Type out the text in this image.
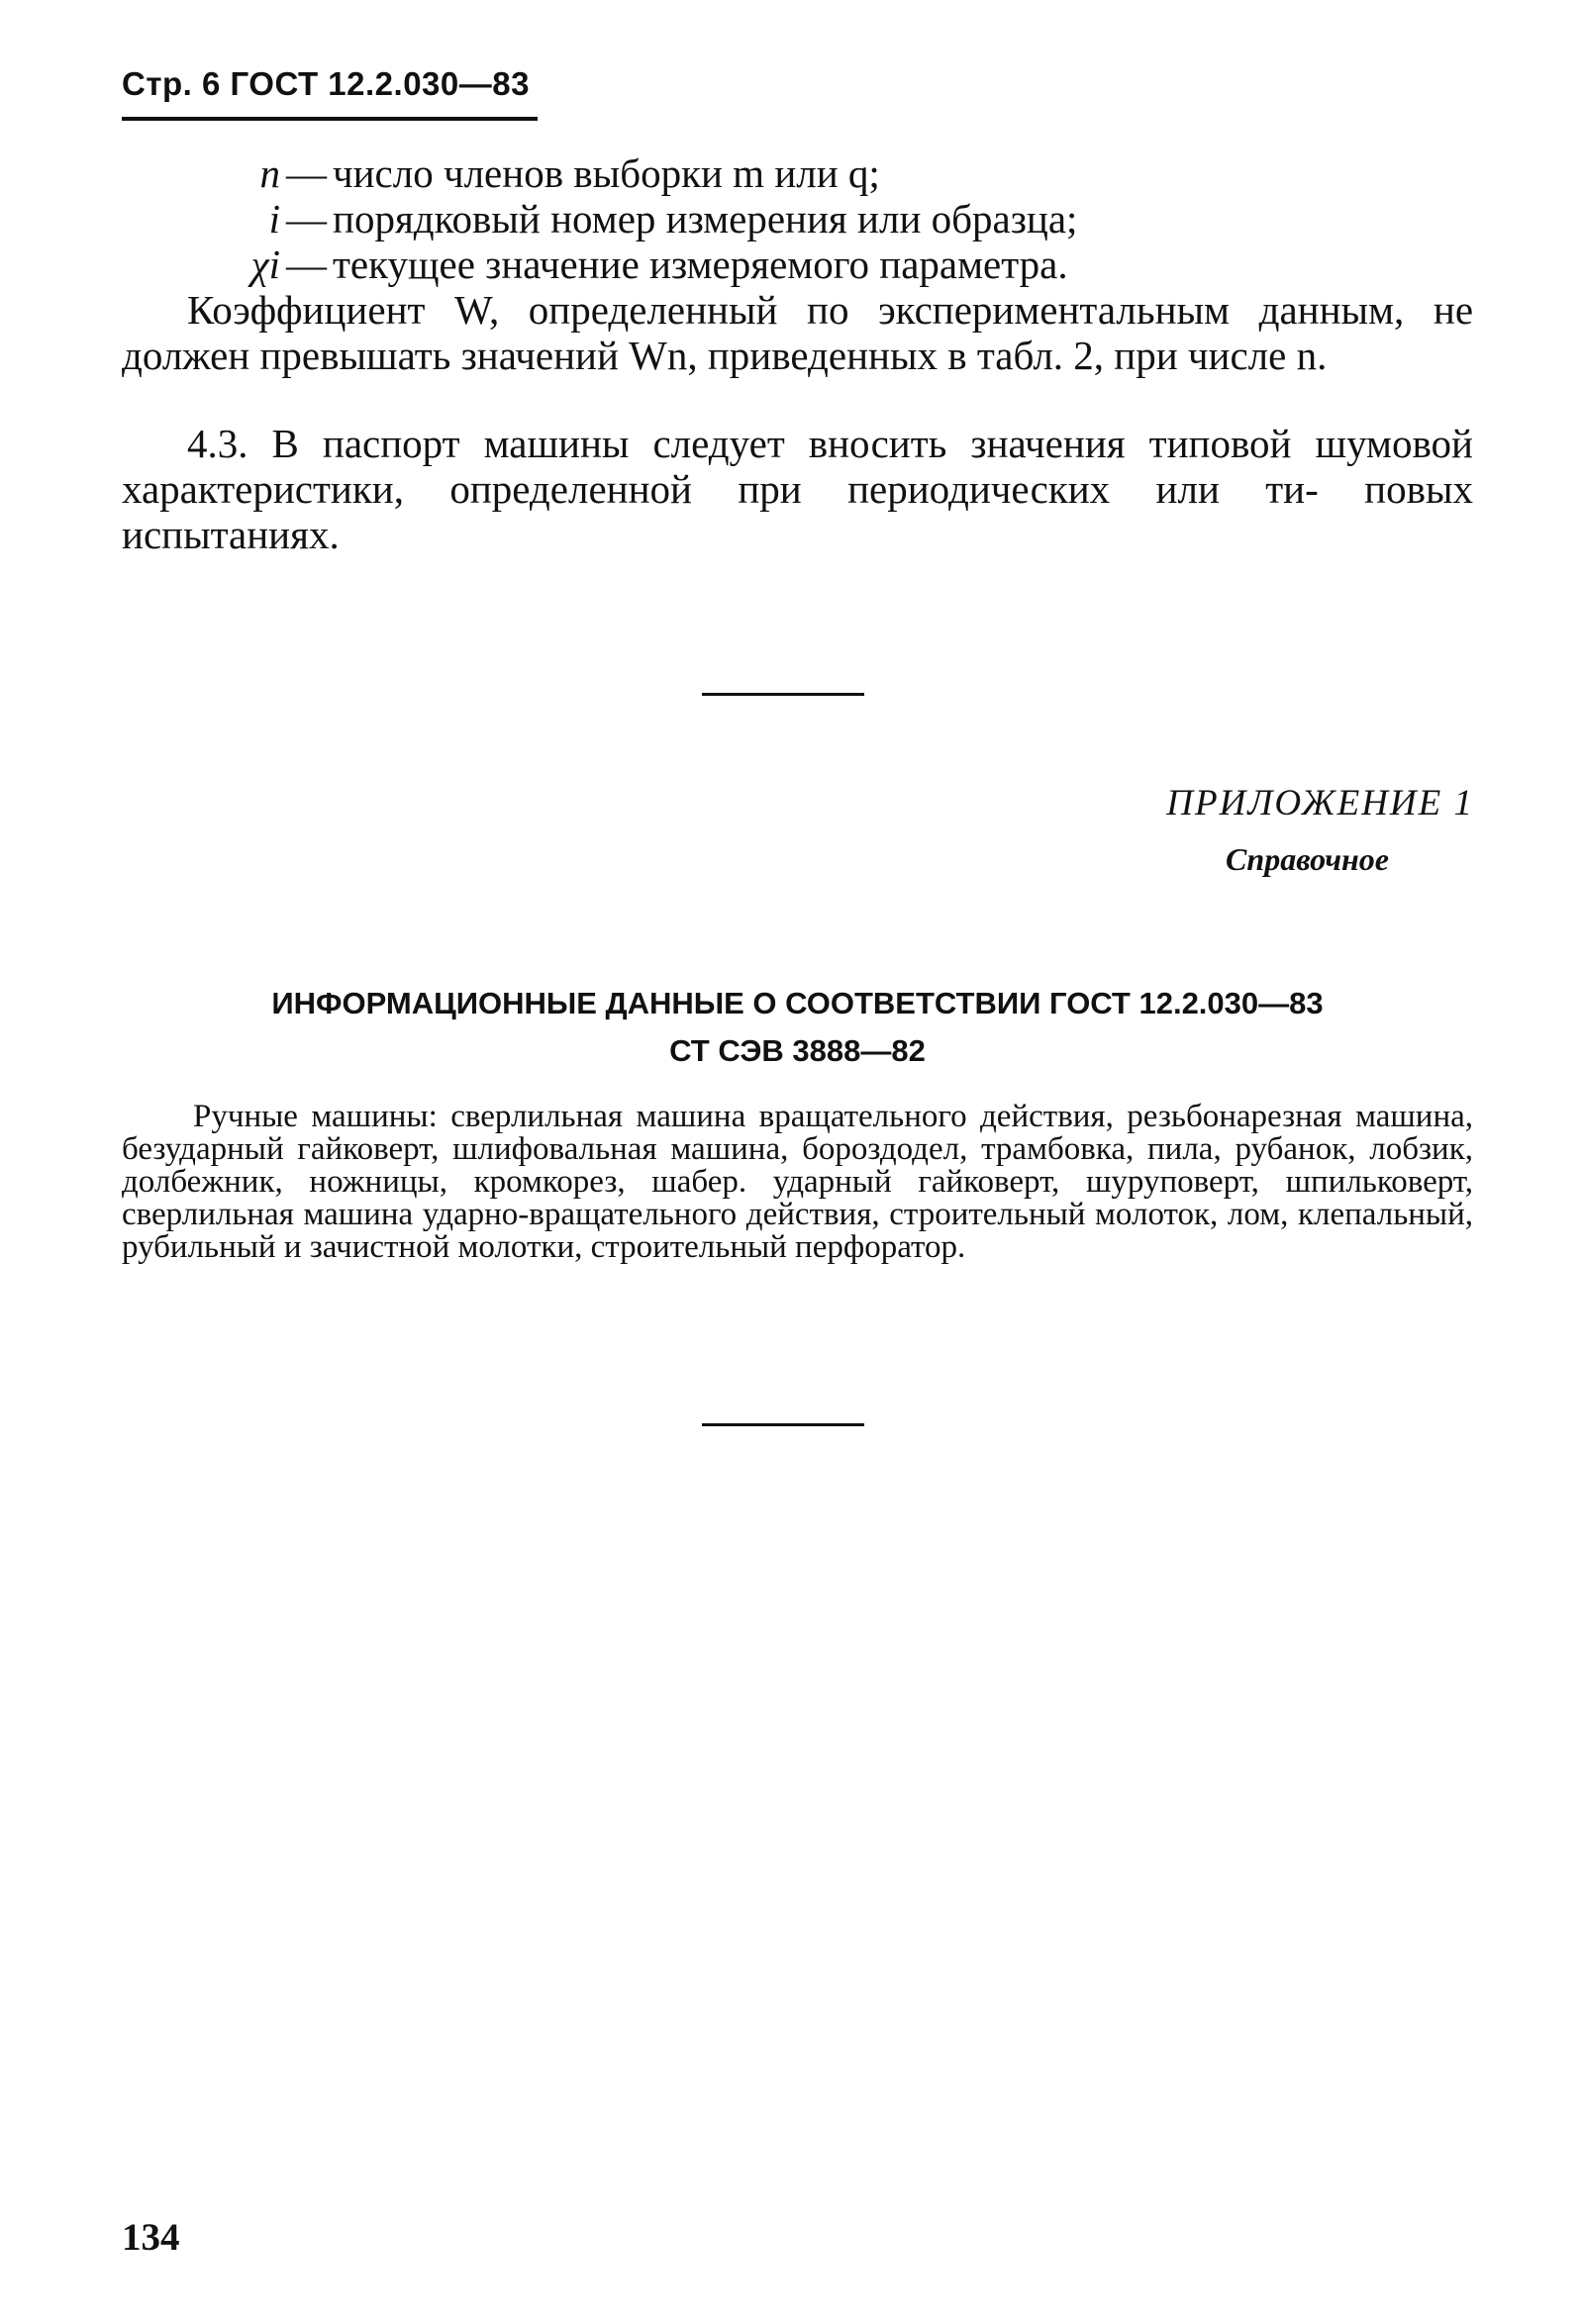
Стр. 6 ГОСТ 12.2.030—83
n — число членов выборки m или q;
i — порядковый номер измерения или образца;
χi — текущее значение измеряемого параметра.

Коэффициент W, определенный по экспериментальным данным, не должен превышать значений Wn, приведенных в табл. 2, при числе n.

4.3. В паспорт машины следует вносить значения типовой шумовой характеристики, определенной при периодических или ти- повых испытаниях.

ПРИЛОЖЕНИЕ 1
Справочное
ИНФОРМАЦИОННЫЕ ДАННЫЕ О СООТВЕТСТВИИ ГОСТ 12.2.030—83
СТ СЭВ 3888—82

Ручные машины: сверлильная машина вращательного действия, резьбонарезная машина, безударный гайковерт, шлифовальная машина, бороздодел, трамбовка, пила, рубанок, лобзик, долбежник, ножницы, кромкорез, шабер. ударный гайковерт, шуруповерт, шпильковерт, сверлильная машина ударно-вращательного действия, строительный молоток, лом, клепальный, рубильный и зачистной молотки, строительный перфоратор.

134
